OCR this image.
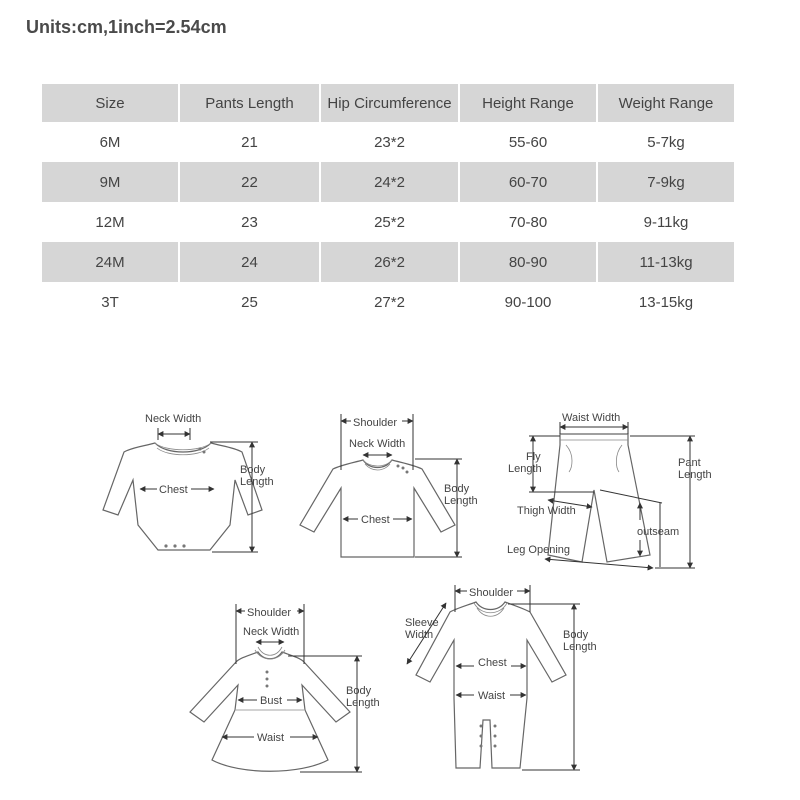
Units:cm,1inch=2.54cm
Size	Pants Length	Hip Circumference	Height Range	Weight Range
6M	21	23*2	55-60	5-7kg
9M	22	24*2	60-70	7-9kg
12M	23	25*2	70-80	9-11kg
24M	24	26*2	80-90	11-13kg
3T	25	27*2	90-100	13-15kg
Neck Width
Chest
Body
Length
Shoulder
Neck Width
Chest
Body
Length
Waist Width
Fly
Length
Thigh Width
Leg Opening
outseam
Pant
Length
Shoulder
Neck Width
Bust
Waist
Body
Length
Shoulder
Sleeve
Width
Chest
Waist
Body
Length
